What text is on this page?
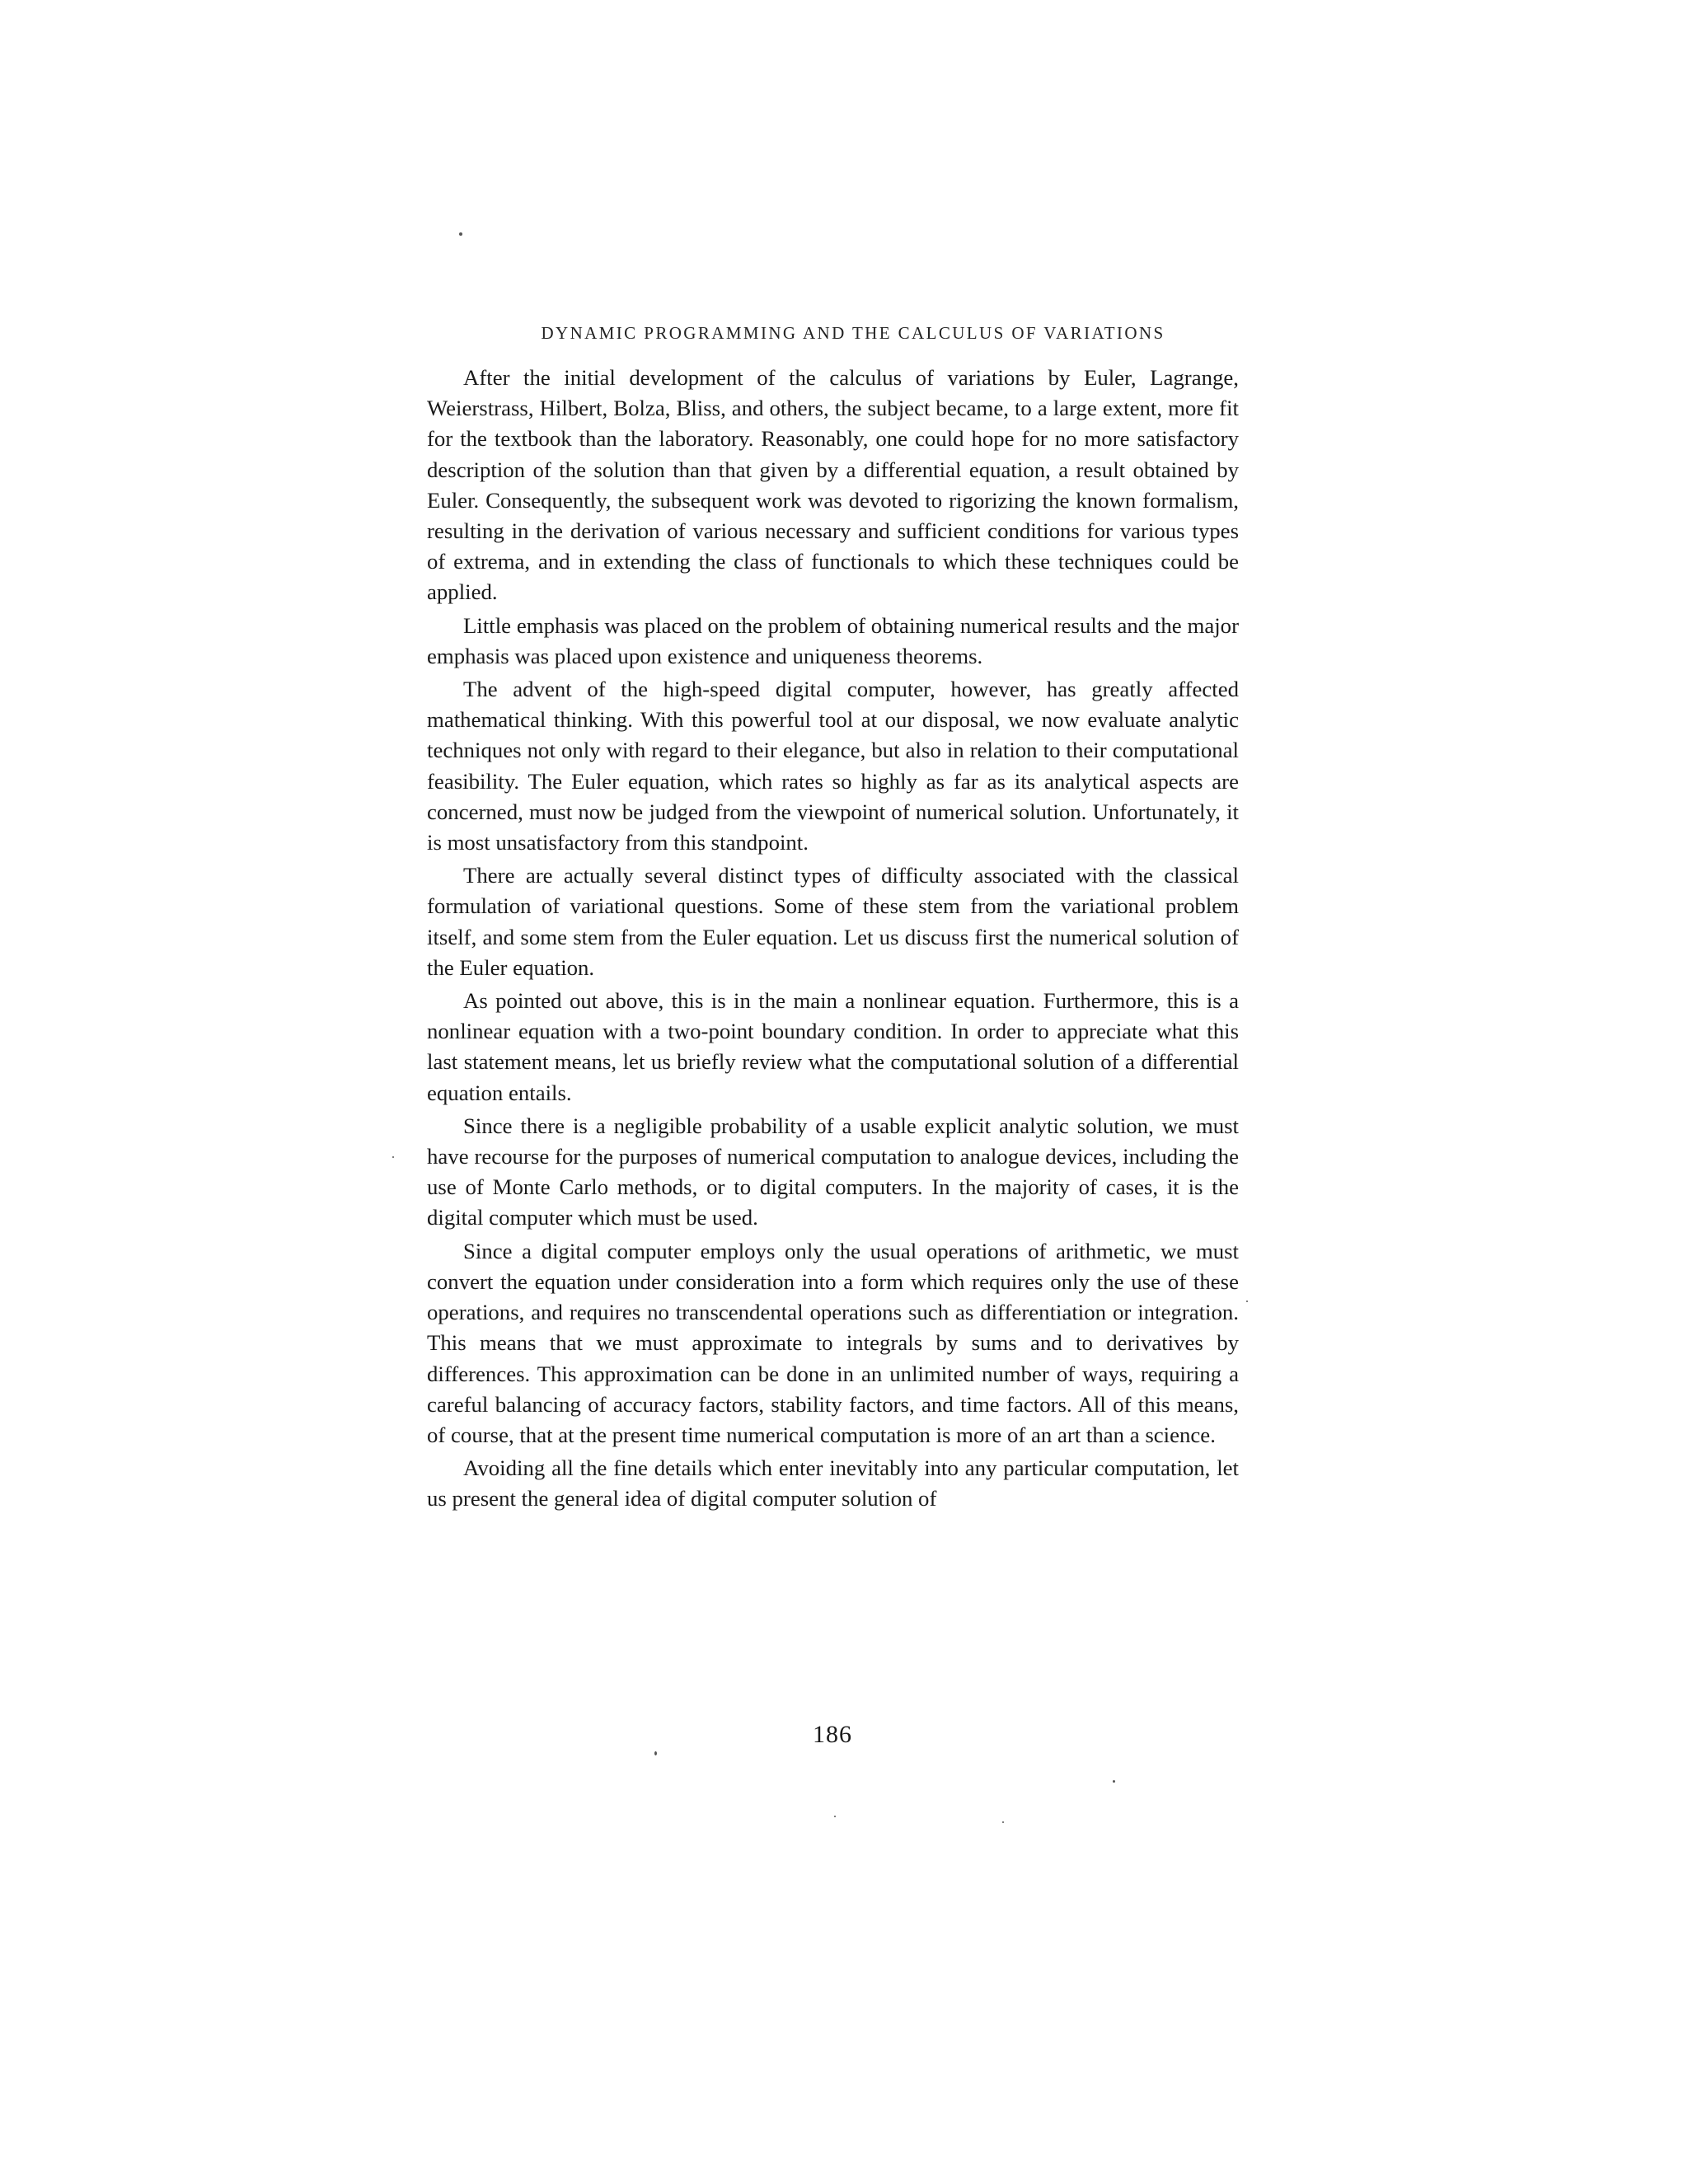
DYNAMIC PROGRAMMING AND THE CALCULUS OF VARIATIONS

After the initial development of the calculus of variations by Euler, Lagrange, Weierstrass, Hilbert, Bolza, Bliss, and others, the subject became, to a large extent, more fit for the textbook than the laboratory. Reasonably, one could hope for no more satisfactory description of the solution than that given by a differential equation, a result obtained by Euler. Consequently, the subsequent work was devoted to rigorizing the known formalism, resulting in the derivation of various necessary and sufficient conditions for various types of extrema, and in extending the class of functionals to which these techniques could be applied.

Little emphasis was placed on the problem of obtaining numerical results and the major emphasis was placed upon existence and uniqueness theorems.

The advent of the high-speed digital computer, however, has greatly affected mathematical thinking. With this powerful tool at our disposal, we now evaluate analytic techniques not only with regard to their elegance, but also in relation to their computational feasibility. The Euler equation, which rates so highly as far as its analytical aspects are concerned, must now be judged from the viewpoint of numerical solution. Unfortunately, it is most unsatisfactory from this standpoint.

There are actually several distinct types of difficulty associated with the classical formulation of variational questions. Some of these stem from the variational problem itself, and some stem from the Euler equation. Let us discuss first the numerical solution of the Euler equation.

As pointed out above, this is in the main a nonlinear equation. Furthermore, this is a nonlinear equation with a two-point boundary condition. In order to appreciate what this last statement means, let us briefly review what the computational solution of a differential equation entails.

Since there is a negligible probability of a usable explicit analytic solution, we must have recourse for the purposes of numerical computation to analogue devices, including the use of Monte Carlo methods, or to digital computers. In the majority of cases, it is the digital computer which must be used.

Since a digital computer employs only the usual operations of arithmetic, we must convert the equation under consideration into a form which requires only the use of these operations, and requires no transcendental operations such as differentiation or integration. This means that we must approximate to integrals by sums and to derivatives by differences. This approximation can be done in an unlimited number of ways, requiring a careful balancing of accuracy factors, stability factors, and time factors. All of this means, of course, that at the present time numerical computation is more of an art than a science.

Avoiding all the fine details which enter inevitably into any particular computation, let us present the general idea of digital computer solution of

186
